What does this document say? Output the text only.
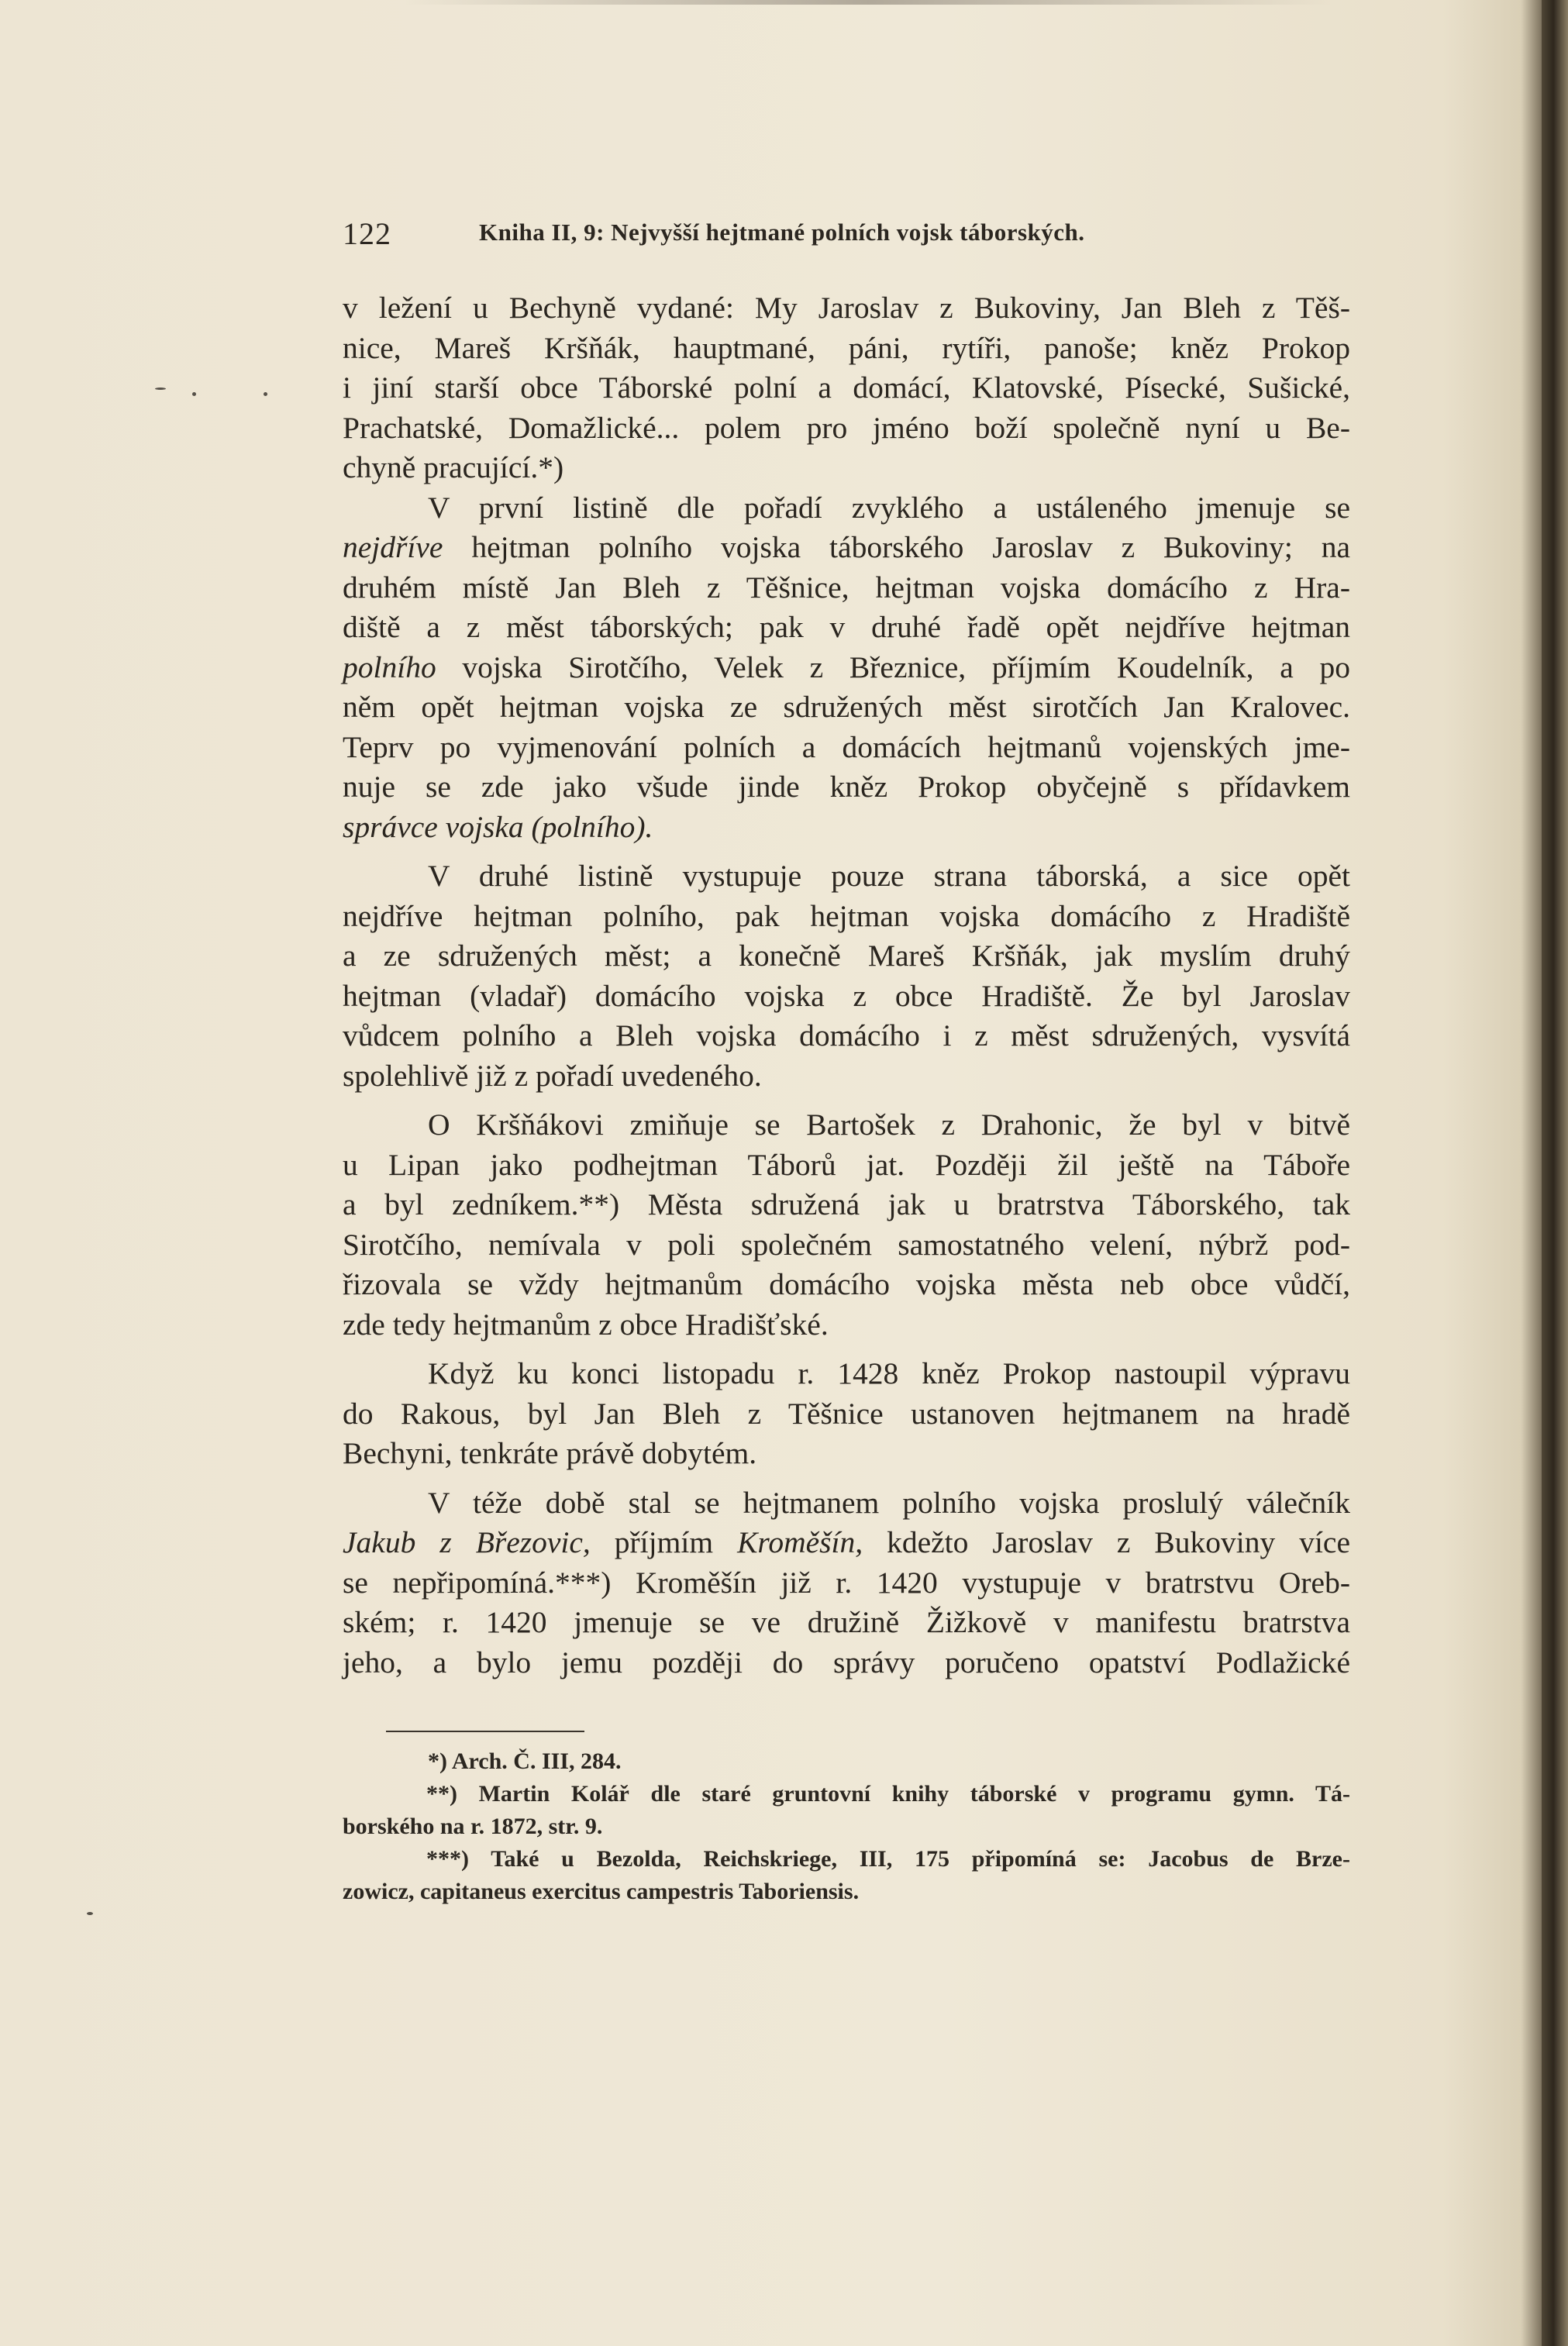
122	Kniha II, 9: Nejvyšší hejtmané polních vojsk táborských.
v ležení u Bechyně vydané: My Jaroslav z Bukoviny, Jan Bleh z Těš-
nice, Mareš Kršňák, hauptmané, páni, rytíři, panoše; kněz Prokop
i jiní starší obce Táborské polní a domácí, Klatovské, Písecké, Sušické,
Prachatské, Domažlické... polem pro jméno boží společně nyní u Be-
chyně pracující.*)
V první listině dle pořadí zvyklého a ustáleného jmenuje se
nejdříve hejtman polního vojska táborského Jaroslav z Bukoviny; na
druhém místě Jan Bleh z Těšnice, hejtman vojska domácího z Hra-
diště a z měst táborských; pak v druhé řadě opět nejdříve hejtman
polního vojska Sirotčího, Velek z Březnice, příjmím Koudelník, a po
něm opět hejtman vojska ze sdružených měst sirotčích Jan Kralovec.
Teprv po vyjmenování polních a domácích hejtmanů vojenských jme-
nuje se zde jako všude jinde kněz Prokop obyčejně s přídavkem
správce vojska (polního).
V druhé listině vystupuje pouze strana táborská, a sice opět
nejdříve hejtman polního, pak hejtman vojska domácího z Hradiště
a ze sdružených měst; a konečně Mareš Kršňák, jak myslím druhý
hejtman (vladař) domácího vojska z obce Hradiště. Že byl Jaroslav
vůdcem polního a Bleh vojska domácího i z měst sdružených, vysvítá
spolehlivě již z pořadí uvedeného.
O Kršňákovi zmiňuje se Bartošek z Drahonic, že byl v bitvě
u Lipan jako podhejtman Táborů jat. Později žil ještě na Táboře
a byl zedníkem.**) Města sdružená jak u bratrstva Táborského, tak
Sirotčího, nemívala v poli společném samostatného velení, nýbrž pod-
řizovala se vždy hejtmanům domácího vojska města neb obce vůdčí,
zde tedy hejtmanům z obce Hradišťské.
Když ku konci listopadu r. 1428 kněz Prokop nastoupil výpravu
do Rakous, byl Jan Bleh z Těšnice ustanoven hejtmanem na hradě
Bechyni, tenkráte právě dobytém.
V téže době stal se hejtmanem polního vojska proslulý válečník
Jakub z Březovic, příjmím Kroměšín, kdežto Jaroslav z Bukoviny více
se nepřipomíná.***) Kroměšín již r. 1420 vystupuje v bratrstvu Oreb-
ském; r. 1420 jmenuje se ve družině Žižkově v manifestu bratrstva
jeho, a bylo jemu později do správy poručeno opatství Podlažické
*) Arch. Č. III, 284.
**) Martin Kolář dle staré gruntovní knihy táborské v programu gymn. Tá-
borského na r. 1872, str. 9.
***) Také u Bezolda, Reichskriege, III, 175 připomíná se: Jacobus de Brze-
zowicz, capitaneus exercitus campestris Taboriensis.
